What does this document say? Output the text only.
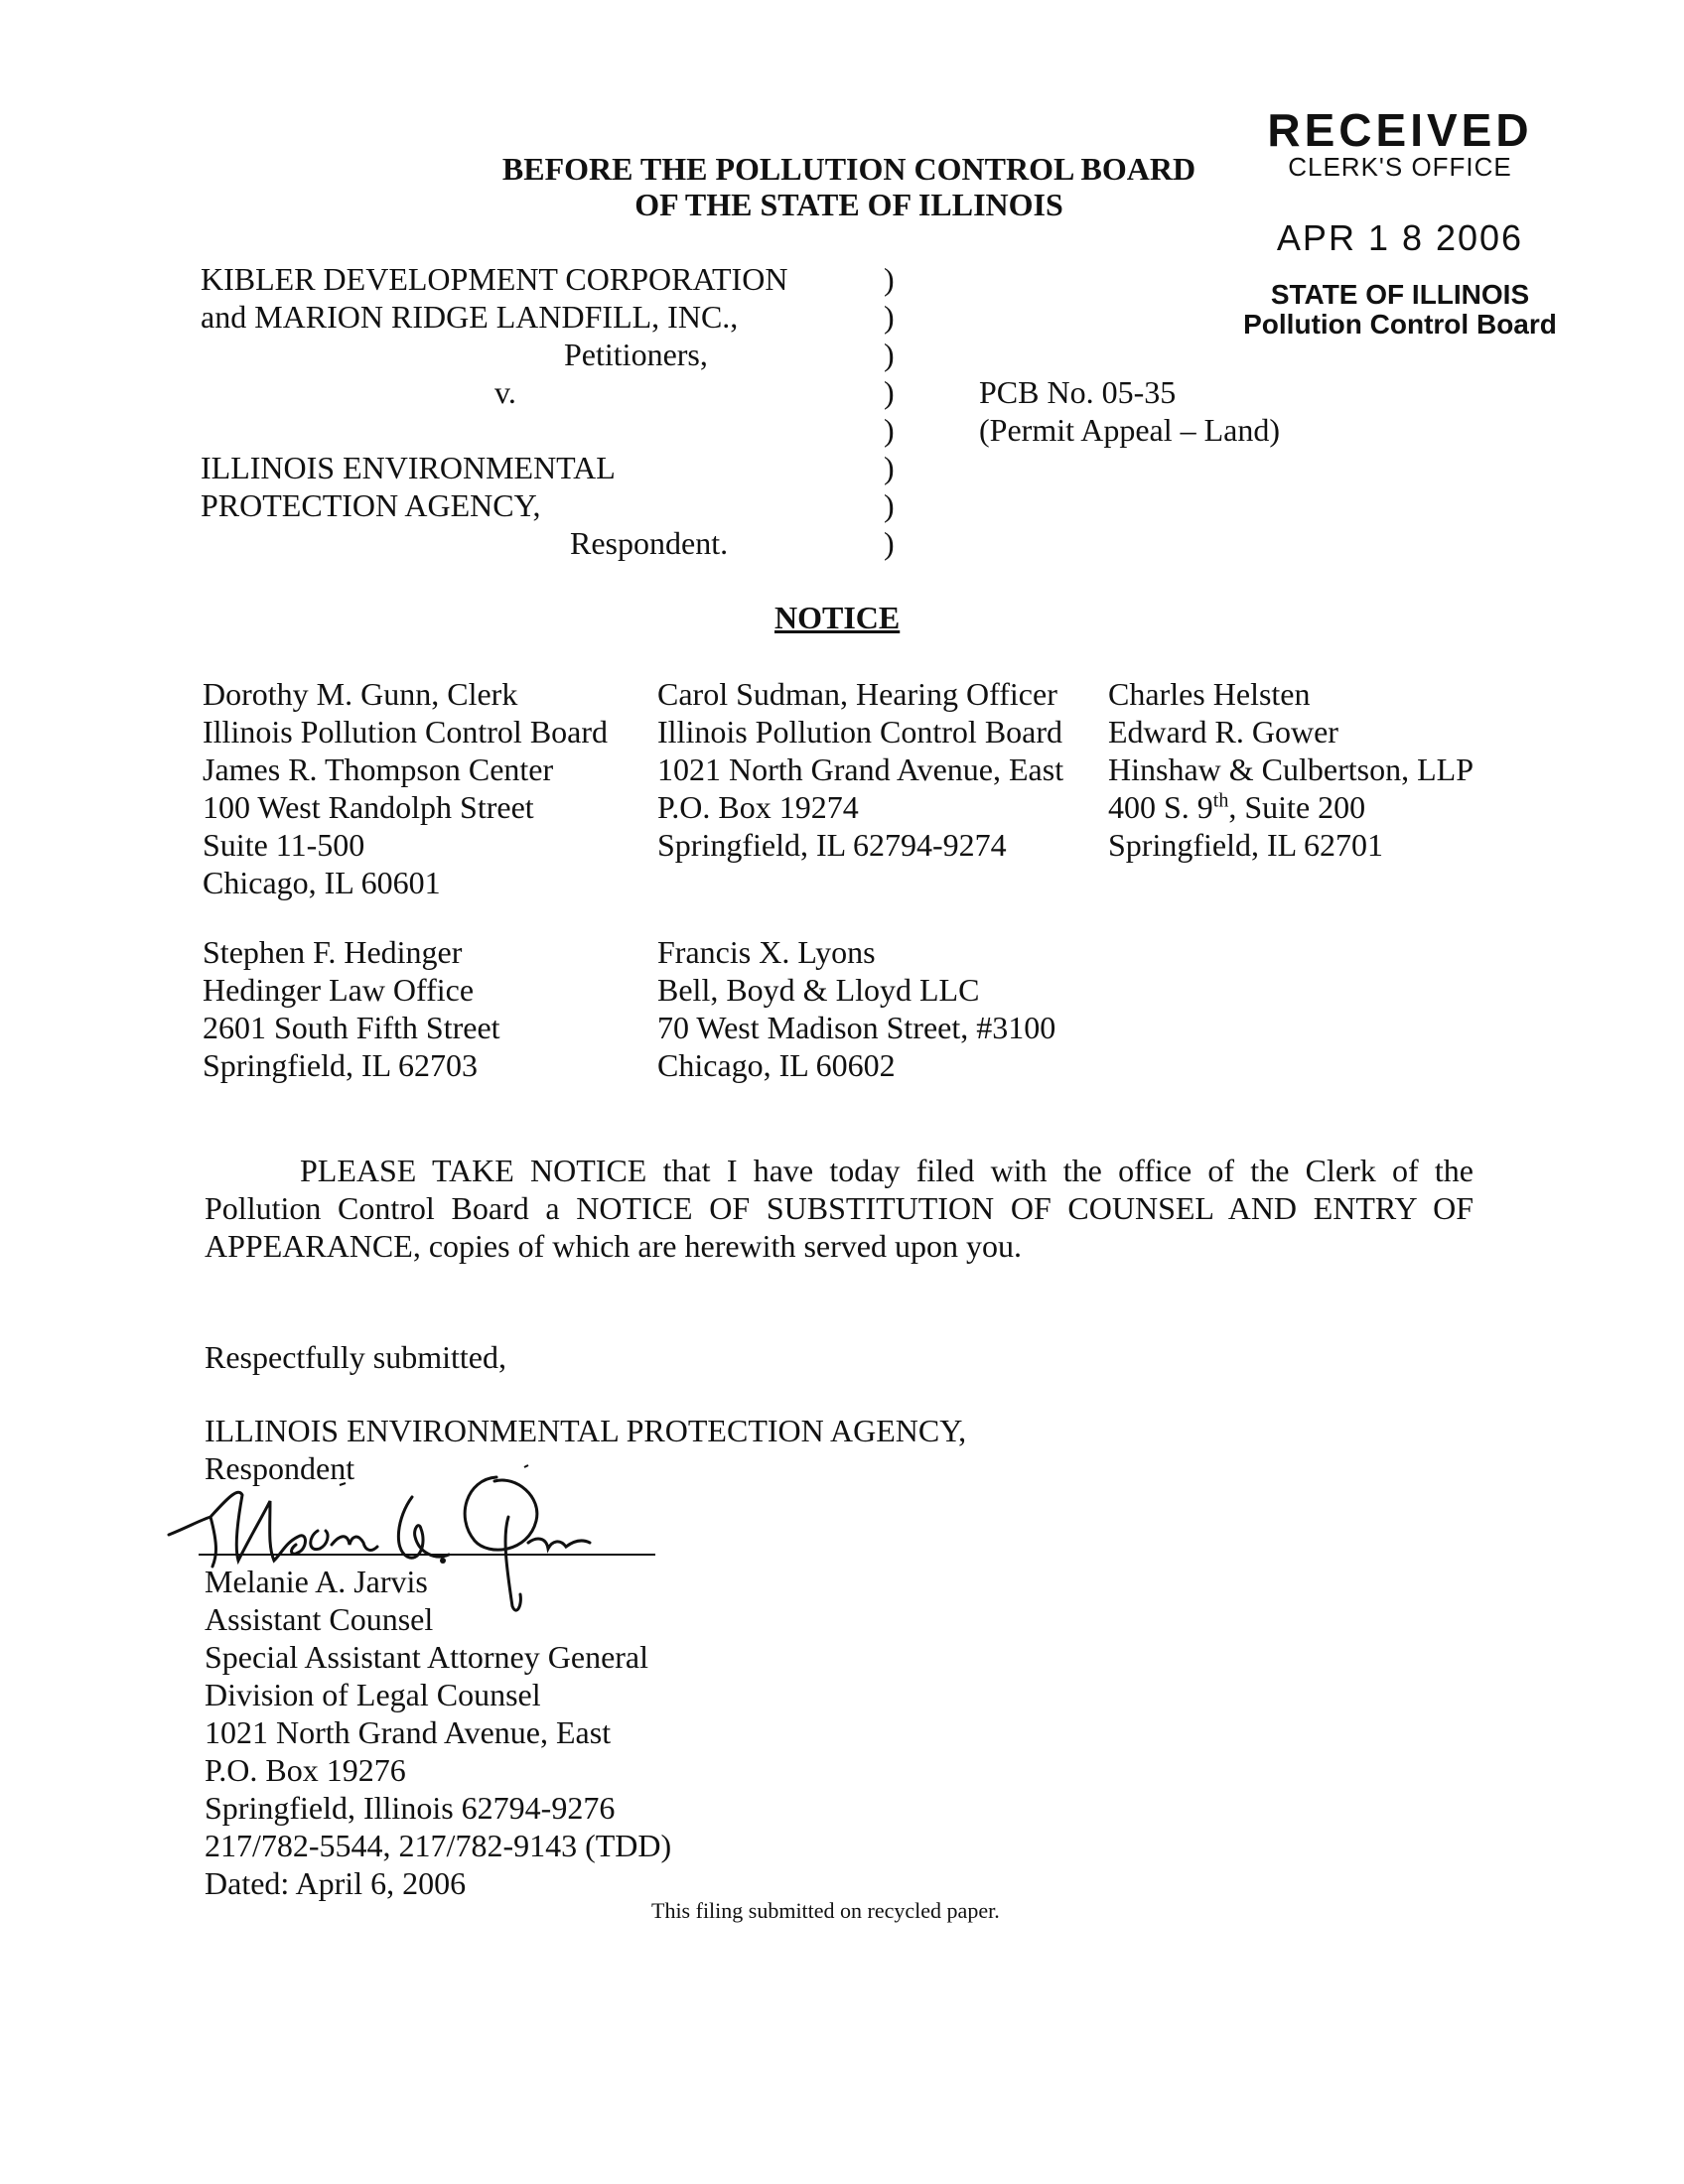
RECEIVED
CLERK'S OFFICE
APR 1 8 2006
STATE OF ILLINOIS
Pollution Control Board
BEFORE THE POLLUTION CONTROL BOARD
OF THE STATE OF ILLINOIS
KIBLER DEVELOPMENT CORPORATION
and MARION RIDGE LANDFILL, INC.,
Petitioners,
v.
ILLINOIS ENVIRONMENTAL
PROTECTION AGENCY,
Respondent.
)
)
)
)
)
)
)
)
PCB No. 05-35
(Permit Appeal – Land)
NOTICE
Dorothy M. Gunn, Clerk
Illinois Pollution Control Board
James R. Thompson Center
100 West Randolph Street
Suite 11-500
Chicago, IL 60601
Carol Sudman, Hearing Officer
Illinois Pollution Control Board
1021 North Grand Avenue, East
P.O. Box 19274
Springfield, IL 62794-9274
Charles Helsten
Edward R. Gower
Hinshaw & Culbertson, LLP
400 S. 9th, Suite 200
Springfield, IL 62701
Stephen F. Hedinger
Hedinger Law Office
2601 South Fifth Street
Springfield, IL 62703
Francis X. Lyons
Bell, Boyd & Lloyd LLC
70 West Madison Street, #3100
Chicago, IL 60602
PLEASE TAKE NOTICE that I have today filed with the office of the Clerk of the
Pollution Control Board a NOTICE OF SUBSTITUTION OF COUNSEL AND ENTRY OF
APPEARANCE, copies of which are herewith served upon you.
Respectfully submitted,
ILLINOIS ENVIRONMENTAL PROTECTION AGENCY,
Respondent
Melanie A. Jarvis
Assistant Counsel
Special Assistant Attorney General
Division of Legal Counsel
1021 North Grand Avenue, East
P.O. Box 19276
Springfield, Illinois 62794-9276
217/782-5544, 217/782-9143 (TDD)
Dated: April 6, 2006
This filing submitted on recycled paper.
